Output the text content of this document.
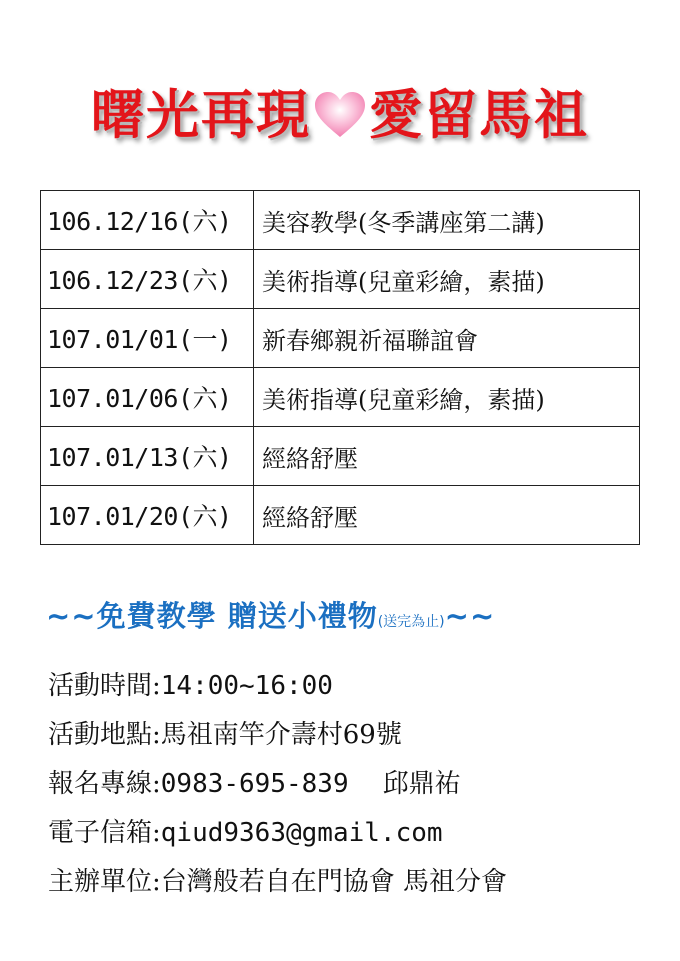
曙光再現 愛留馬祖
106.12/16(六)	美容教學(冬季講座第二講)
106.12/23(六)	美術指導(兒童彩繪，素描)
107.01/01(一)	新春鄉親祈福聯誼會
107.01/06(六)	美術指導(兒童彩繪，素描)
107.01/13(六)	經絡舒壓
107.01/20(六)	經絡舒壓
~~免費教學 贈送小禮物(送完為止)~~
活動時間:14:00~16:00
活動地點:馬祖南竿介壽村69號
報名專線:0983-695-839 邱鼎祐
電子信箱:qiud9363@gmail.com
主辦單位:台灣般若自在門協會 馬祖分會
